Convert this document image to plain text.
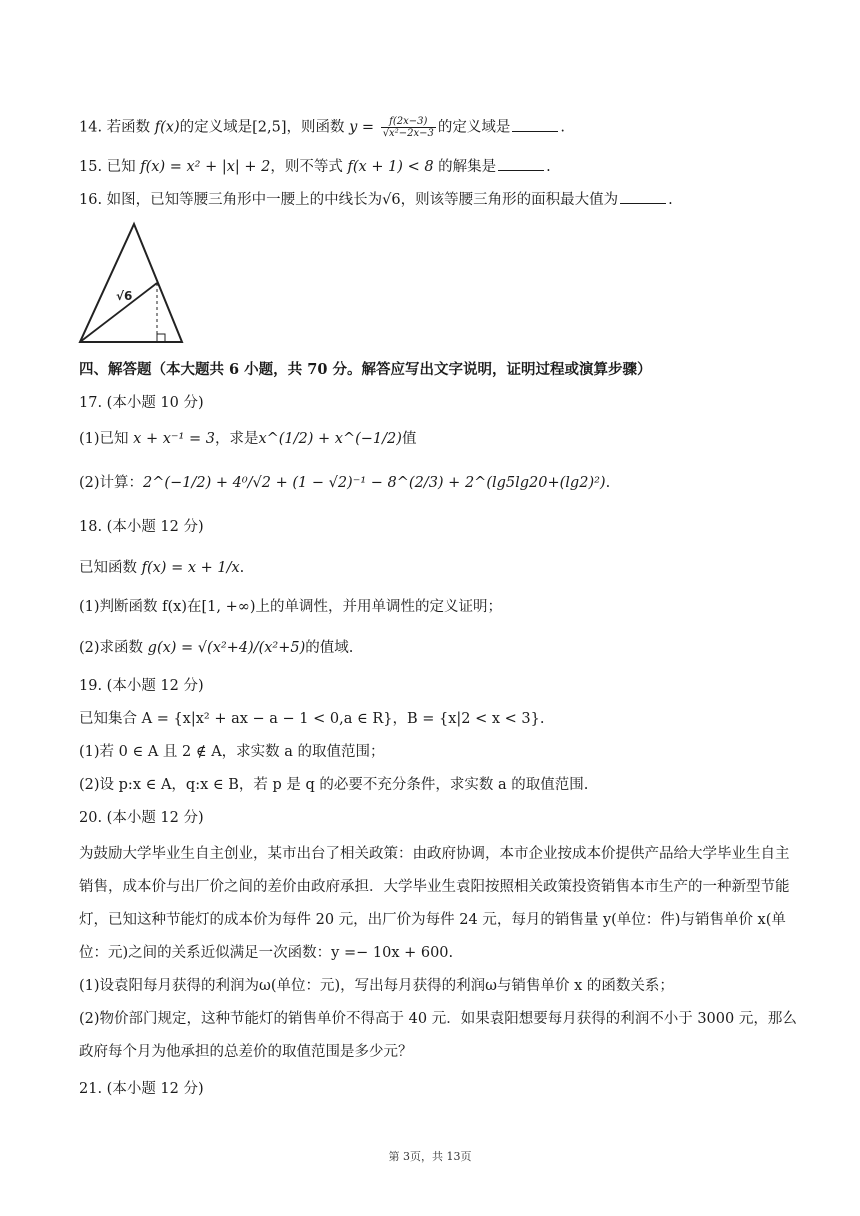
14. 若函数 f(x)的定义域是[2,5]，则函数 $y = \frac{f(2x-3)}{\text{√x²−2x−3}}$ 的定义域是	.
15. 已知 f(x) = x² + |x| + 2，则不等式 f(x + 1) < 8 的解集是	.
16. 如图，已知等腰三角形中一腰上的中线长为√6，则该等腰三角形的面积最大值为	.
√6
四、解答题（本大题共 6 小题，共 70 分。解答应写出文字说明，证明过程或演算步骤）
17. (本小题 10 分)
(1)已知 x + x⁻¹ = 3，求是x^(1/2) + x^(−1/2)值
(2)计算：2^(−1/2) + 4⁰/√2 + (1 − √2)⁻¹ − 8^(2/3) + 2^(lg5lg20+(lg2)²).
18. (本小题 12 分)
已知函数 f(x) = x + 1/x.
(1)判断函数 f(x)在[1, +∞)上的单调性，并用单调性的定义证明；
(2)求函数 g(x) = √(x²+4)/(x²+5)的值域.
19. (本小题 12 分)
已知集合 A = {x|x² + ax − a − 1 < 0,a ∈ R}，B = {x|2 < x < 3}.
(1)若 0 ∈ A 且 2 ∉ A，求实数 a 的取值范围；
(2)设 p:x ∈ A，q:x ∈ B，若 p 是 q 的必要不充分条件，求实数 a 的取值范围.
20. (本小题 12 分)
为鼓励大学毕业生自主创业，某市出台了相关政策：由政府协调，本市企业按成本价提供产品给大学毕业生自主销售，成本价与出厂价之间的差价由政府承担．大学毕业生袁阳按照相关政策投资销售本市生产的一种新型节能灯，已知这种节能灯的成本价为每件 20 元，出厂价为每件 24 元，每月的销售量 y(单位：件)与销售单价 x(单位：元)之间的关系近似满足一次函数：y =− 10x + 600.
(1)设袁阳每月获得的利润为ω(单位：元)，写出每月获得的利润ω与销售单价 x 的函数关系；
(2)物价部门规定，这种节能灯的销售单价不得高于 40 元．如果袁阳想要每月获得的利润不小于 3000 元，那么政府每个月为他承担的总差价的取值范围是多少元？
21. (本小题 12 分)
第 3页，共 13页
